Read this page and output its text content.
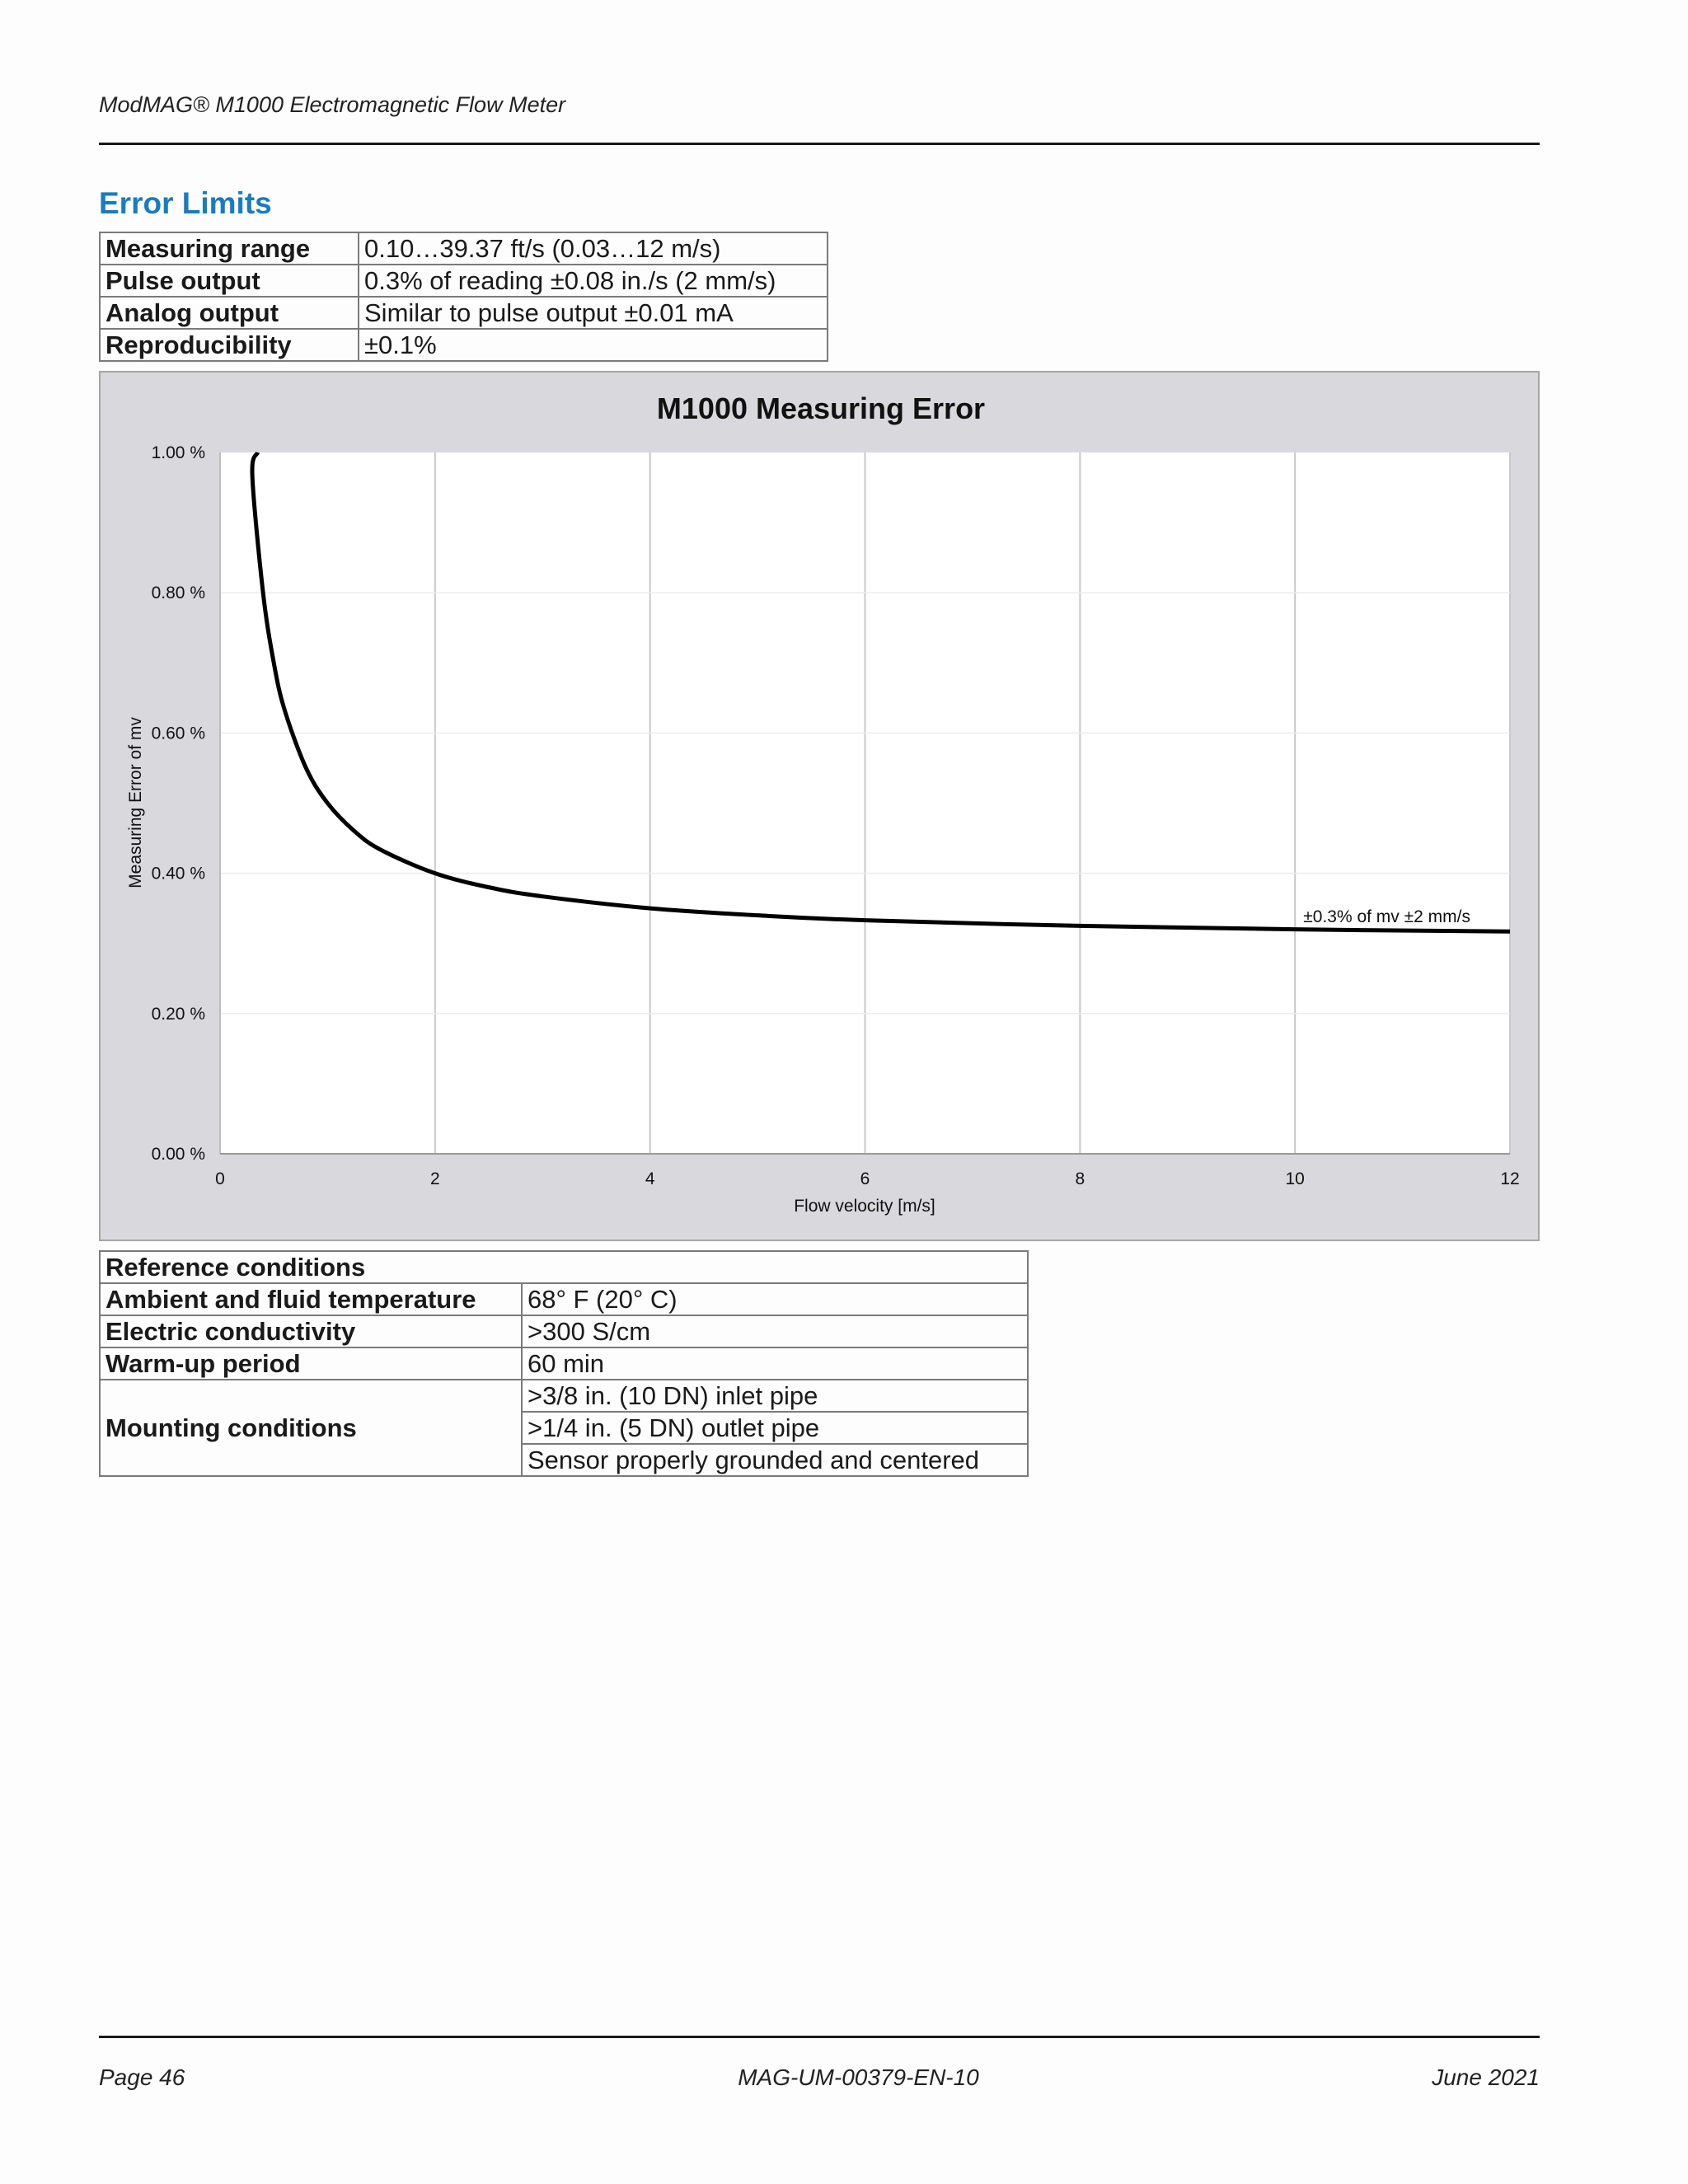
ModMAG® M1000 Electromagnetic Flow Meter
Error Limits
Measuring range	0.10…39.37 ft/s (0.03…12 m/s)
Pulse output	0.3% of reading ±0.08 in./s (2 mm/s)
Analog output	Similar to pulse output ±0.01 mA
Reproducibility	±0.1%
M1000 Measuring Error
0	2	4	6	8	10	12
0.00 %
0.20 %
0.40 %
0.60 %
0.80 %
1.00 %
±0.3% of mv ±2 mm/s
Flow velocity [m/s]
Measuring Error of mv
Reference conditions	
Ambient and fluid temperature	68° F (20° C)
Electric conductivity	>300 S/cm
Warm-up period	60 min
Mounting conditions	>3/8 in. (10 DN) inlet pipe
	>1/4 in. (5 DN) outlet pipe
	Sensor properly grounded and centered
Page 46	MAG-UM-00379-EN-10	June 2021
